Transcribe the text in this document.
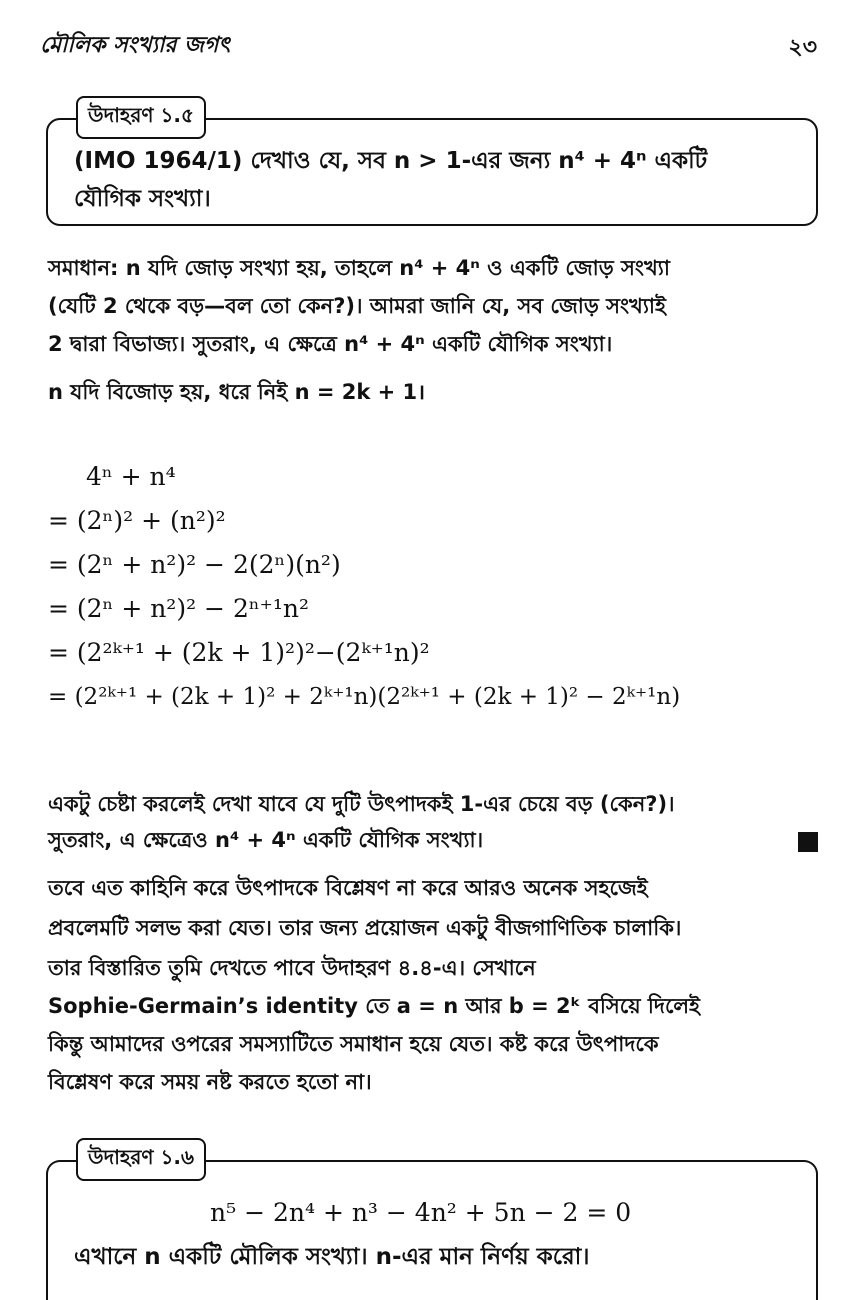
মৌলিক সংখ্যার জগৎ	২৩
উদাহরণ ১.৫
(IMO 1964/1) দেখাও যে, সব n > 1-এর জন্য n⁴ + 4ⁿ একটি
যৌগিক সংখ্যা।
সমাধান: n যদি জোড় সংখ্যা হয়, তাহলে n⁴ + 4ⁿ ও একটি জোড় সংখ্যা
(যেটি 2 থেকে বড়—বল তো কেন?)। আমরা জানি যে, সব জোড় সংখ্যাই
2 দ্বারা বিভাজ্য। সুতরাং, এ ক্ষেত্রে n⁴ + 4ⁿ একটি যৌগিক সংখ্যা।
n যদি বিজোড় হয়, ধরে নিই n = 2k + 1।
4ⁿ + n⁴
= (2ⁿ)² + (n²)²
= (2ⁿ + n²)² − 2(2ⁿ)(n²)
= (2ⁿ + n²)² − 2ⁿ⁺¹n²
= (2²ᵏ⁺¹ + (2k + 1)²)²−(2ᵏ⁺¹n)²
= (2²ᵏ⁺¹ + (2k + 1)² + 2ᵏ⁺¹n)(2²ᵏ⁺¹ + (2k + 1)² − 2ᵏ⁺¹n)
একটু চেষ্টা করলেই দেখা যাবে যে দুটি উৎপাদকই 1-এর চেয়ে বড় (কেন?)।
সুতরাং, এ ক্ষেত্রেও n⁴ + 4ⁿ একটি যৌগিক সংখ্যা।
তবে এত কাহিনি করে উৎপাদকে বিশ্লেষণ না করে আরও অনেক সহজেই
প্রবলেমটি সলভ করা যেত। তার জন্য প্রয়োজন একটু বীজগাণিতিক চালাকি।
তার বিস্তারিত তুমি দেখতে পাবে উদাহরণ ৪.৪-এ। সেখানে
Sophie-Germain’s identity তে a = n আর b = 2ᵏ বসিয়ে দিলেই
কিন্তু আমাদের ওপরের সমস্যাটিতে সমাধান হয়ে যেত। কষ্ট করে উৎপাদকে
বিশ্লেষণ করে সময় নষ্ট করতে হতো না।
উদাহরণ ১.৬
n⁵ − 2n⁴ + n³ − 4n² + 5n − 2 = 0
এখানে n একটি মৌলিক সংখ্যা। n-এর মান নির্ণয় করো।
